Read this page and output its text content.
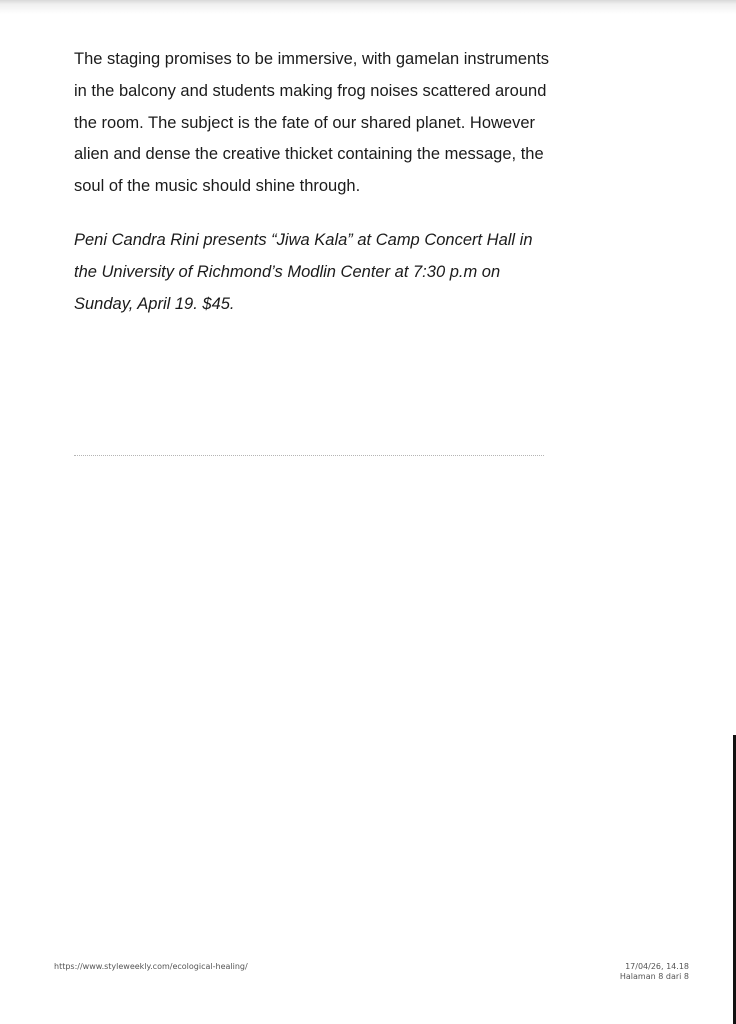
The staging promises to be immersive, with gamelan instruments in the balcony and students making frog noises scattered around the room. The subject is the fate of our shared planet. However alien and dense the creative thicket containing the message, the soul of the music should shine through.

Peni Candra Rini presents “Jiwa Kala” at Camp Concert Hall in the University of Richmond’s Modlin Center at 7:30 p.m on Sunday, April 19. $45.

https://www.styleweekly.com/ecological-healing/	17/04/26, 14.18
Halaman 8 dari 8
